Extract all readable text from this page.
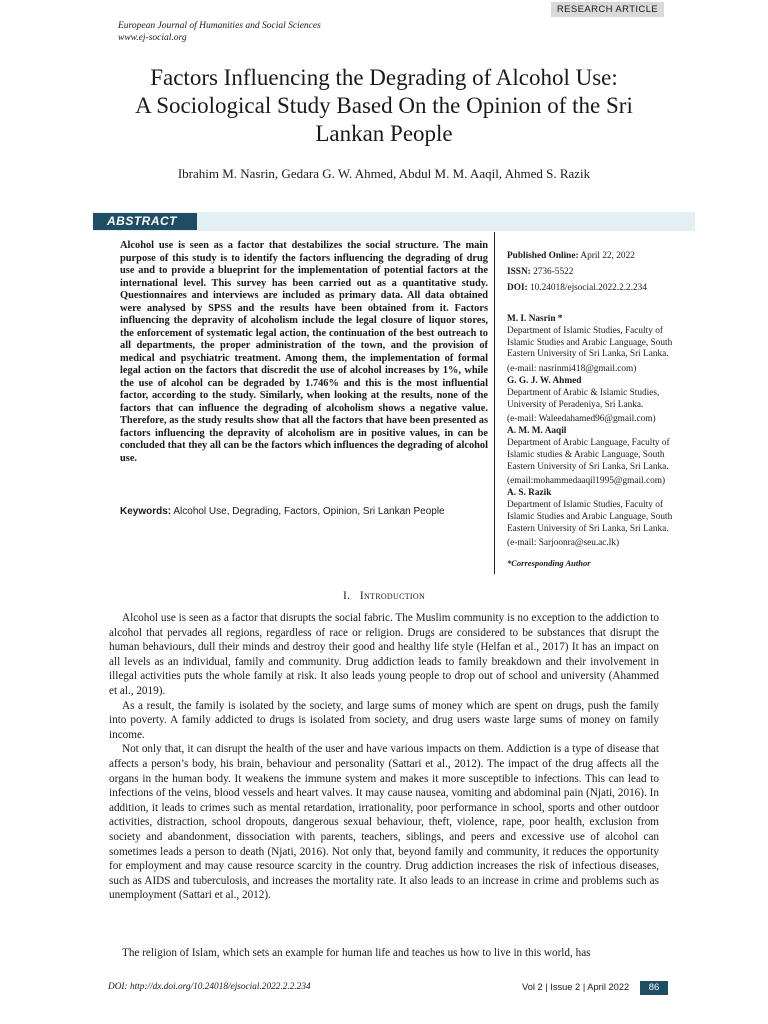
European Journal of Humanities and Social Sciences
www.ej-social.org
RESEARCH ARTICLE
Factors Influencing the Degrading of Alcohol Use:
A Sociological Study Based On the Opinion of the Sri
Lankan People
Ibrahim M. Nasrin, Gedara G. W. Ahmed, Abdul M. M. Aaqil, Ahmed S. Razik
ABSTRACT
Alcohol use is seen as a factor that destabilizes the social structure. The main purpose of this study is to identify the factors influencing the degrading of drug use and to provide a blueprint for the implementation of potential factors at the international level. This survey has been carried out as a quantitative study. Questionnaires and interviews are included as primary data. All data obtained were analysed by SPSS and the results have been obtained from it. Factors influencing the depravity of alcoholism include the legal closure of liquor stores, the enforcement of systematic legal action, the continuation of the best outreach to all departments, the proper administration of the town, and the provision of medical and psychiatric treatment. Among them, the implementation of formal legal action on the factors that discredit the use of alcohol increases by 1%, while the use of alcohol can be degraded by 1.746% and this is the most influential factor, according to the study. Similarly, when looking at the results, none of the factors that can influence the degrading of alcoholism shows a negative value. Therefore, as the study results show that all the factors that have been presented as factors influencing the depravity of alcoholism are in positive values, in can be concluded that they all can be the factors which influences the degrading of alcohol use.
Keywords: Alcohol Use, Degrading, Factors, Opinion, Sri Lankan People
Published Online: April 22, 2022
ISSN: 2736-5522
DOI: 10.24018/ejsocial.2022.2.2.234
M. I. Nasrin *
Department of Islamic Studies, Faculty of
Islamic Studies and Arabic Language, South
Eastern University of Sri Lanka, Sri Lanka.
(e-mail: nasrinmi418@gmail.com)
G. G. J. W. Ahmed
Department of Arabic & Islamic Studies,
University of Peradeniya, Sri Lanka.
(e-mail: Waleedahamed96@gmail.com)
A. M. M. Aaqil
Department of Arabic Language, Faculty of
Islamic studies & Arabic Language, South
Eastern University of Sri Lanka, Sri Lanka.
(email:mohammedaaqil1995@gmail.com)
A. S. Razik
Department of Islamic Studies, Faculty of
Islamic Studies and Arabic Language, South
Eastern University of Sri Lanka, Sri Lanka.
(e-mail: Sarjoonra@seu.ac.lk)
*Corresponding Author
I. Introduction

Alcohol use is seen as a factor that disrupts the social fabric. The Muslim community is no exception to the addiction to alcohol that pervades all regions, regardless of race or religion. Drugs are considered to be substances that disrupt the human behaviours, dull their minds and destroy their good and healthy life style (Helfan et al., 2017) It has an impact on all levels as an individual, family and community. Drug addiction leads to family breakdown and their involvement in illegal activities puts the whole family at risk. It also leads young people to drop out of school and university (Ahammed et al., 2019).

As a result, the family is isolated by the society, and large sums of money which are spent on drugs, push the family into poverty. A family addicted to drugs is isolated from society, and drug users waste large sums of money on family income.

Not only that, it can disrupt the health of the user and have various impacts on them. Addiction is a type of disease that affects a person’s body, his brain, behaviour and personality (Sattari et al., 2012). The impact of the drug affects all the organs in the human body. It weakens the immune system and makes it more susceptible to infections. This can lead to infections of the veins, blood vessels and heart valves. It may cause nausea, vomiting and abdominal pain (Njati, 2016). In addition, it leads to crimes such as mental retardation, irrationality, poor performance in school, sports and other outdoor activities, distraction, school dropouts, dangerous sexual behaviour, theft, violence, rape, poor health, exclusion from society and abandonment, dissociation with parents, teachers, siblings, and peers and excessive use of alcohol can sometimes leads a person to death (Njati, 2016). Not only that, beyond family and community, it reduces the opportunity for employment and may cause resource scarcity in the country. Drug addiction increases the risk of infectious diseases, such as AIDS and tuberculosis, and increases the mortality rate. It also leads to an increase in crime and problems such as unemployment (Sattari et al., 2012).

The religion of Islam, which sets an example for human life and teaches us how to live in this world, has

DOI: http://dx.doi.org/10.24018/ejsocial.2022.2.2.234	Vol 2 | Issue 2 | April 2022	86
